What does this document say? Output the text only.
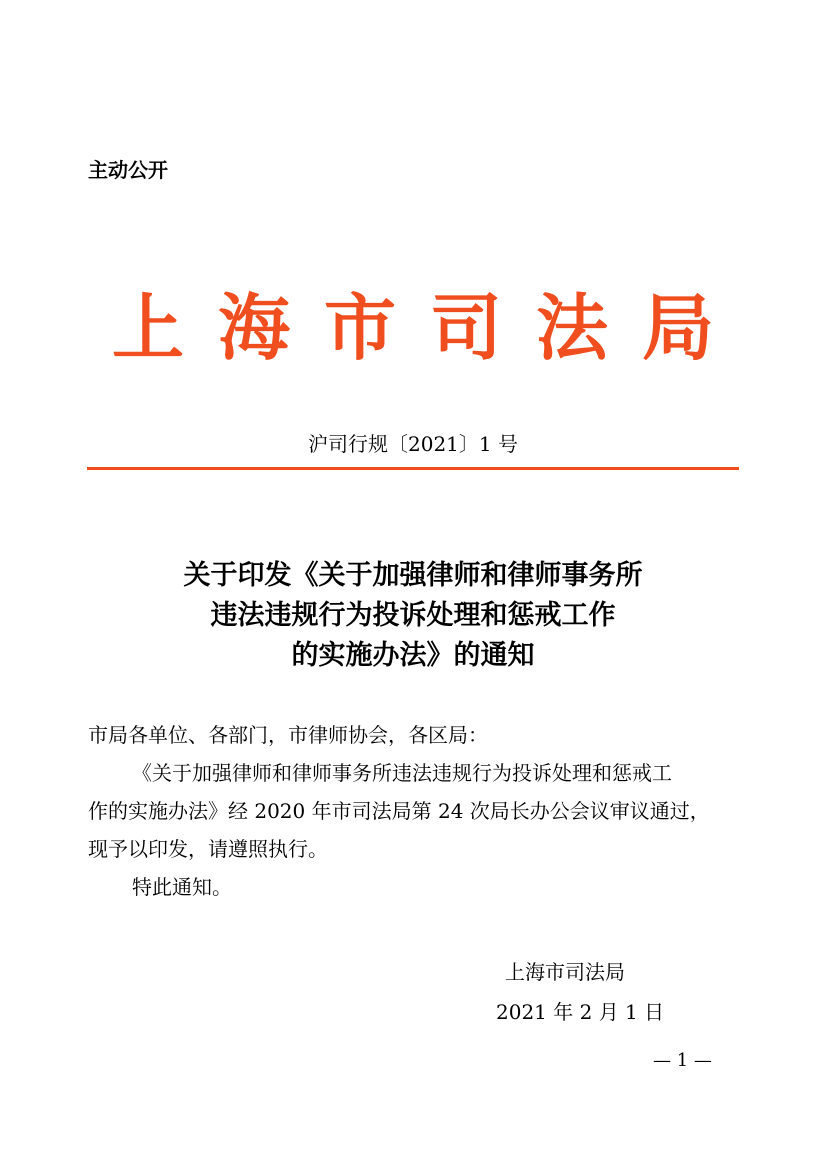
主动公开
上海市司法局
沪司行规〔2021〕1 号
关于印发《关于加强律师和律师事务所
违法违规行为投诉处理和惩戒工作
的实施办法》的通知

市局各单位、各部门，市律师协会，各区局：

《关于加强律师和律师事务所违法违规行为投诉处理和惩戒工

作的实施办法》经 2020 年市司法局第 24 次局长办公会议审议通过，

现予以印发，请遵照执行。

特此通知。

上海市司法局
2021 年 2 月 1 日
— 1 —
